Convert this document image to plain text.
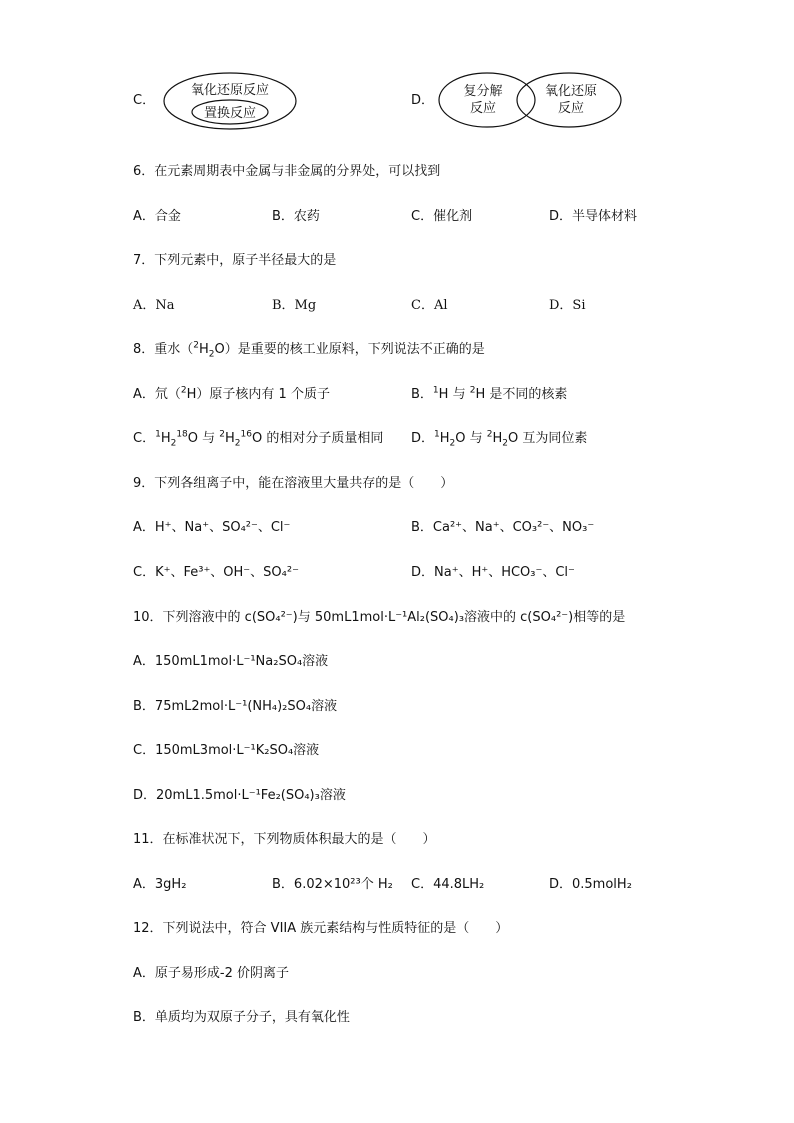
C．
氧化还原反应
置换反应
D．
复分解
反应
氧化还原
反应
6．在元素周期表中金属与非金属的分界处，可以找到
A．合金	B．农药	C．催化剂	D．半导体材料
7．下列元素中，原子半径最大的是
A．Na	B．Mg	C．Al	D．Si
8．重水$(^2H_2O)$是重要的核工业原料，下列说法不正确的是
A．氘（$^2$H）原子核内有 1 个质子	B．$^1$H 与 $^2$H 是不同的核素
C．$^1H_2^{18}O$ 与 $^2H_2^{16}O$ 的相对分子质量相同 D．$^1H_2O$ 与 $^2H_2O$ 互为同位素
9．下列各组离子中，能在溶液里大量共存的是（　　）
A．H⁺、Na⁺、SO₄²⁻、Cl⁻	B．Ca²⁺、Na⁺、CO₃²⁻、NO₃⁻
C．K⁺、Fe³⁺、OH⁻、SO₄²⁻	D．Na⁺、H⁺、HCO₃⁻、Cl⁻
10．下列溶液中的 c(SO₄²⁻)与 50mL1mol·L⁻¹Al₂(SO₄)₃溶液中的 c(SO₄²⁻)相等的是
A．150mL1mol·L⁻¹Na₂SO₄溶液
B．75mL2mol·L⁻¹(NH₄)₂SO₄溶液
C．150mL3mol·L⁻¹K₂SO₄溶液
D．20mL1.5mol·L⁻¹Fe₂(SO₄)₃溶液
11．在标准状况下，下列物质体积最大的是（　　）
A．3gH₂	B．6.02×10²³个 H₂ C．44.8LH₂	D．0.5molH₂
12．下列说法中，符合 VIIA 族元素结构与性质特征的是（　　）
A．原子易形成-2 价阴离子
B．单质均为双原子分子，具有氧化性
